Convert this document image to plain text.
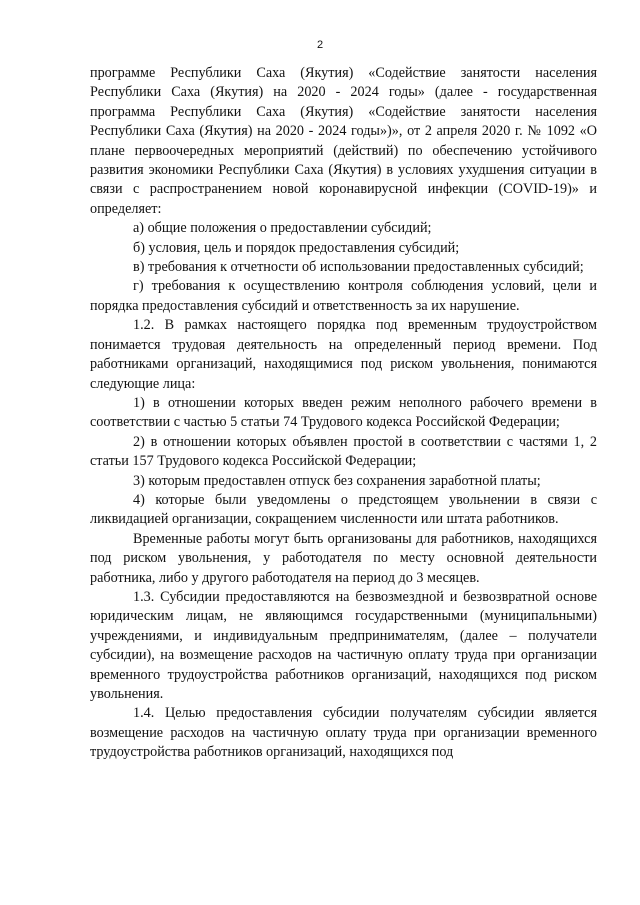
2

программе Республики Саха (Якутия) «Содействие занятости населения Республики Саха (Якутия) на 2020 - 2024 годы» (далее - государственная программа Республики Саха (Якутия) «Содействие занятости населения Республики Саха (Якутия) на 2020 - 2024 годы»)», от 2 апреля 2020 г. № 1092 «О плане первоочередных мероприятий (действий) по обеспечению устойчивого развития экономики Республики Саха (Якутия) в условиях ухудшения ситуации в связи с распространением новой коронавирусной инфекции (COVID-19)» и определяет:

а) общие положения о предоставлении субсидий;

б) условия, цель и порядок предоставления субсидий;

в) требования к отчетности об использовании предоставленных субсидий;

г) требования к осуществлению контроля соблюдения условий, цели и порядка предоставления субсидий и ответственность за их нарушение.

1.2. В рамках настоящего порядка под временным трудоустройством понимается трудовая деятельность на определенный период времени. Под работниками организаций, находящимися под риском увольнения, понимаются следующие лица:

1) в отношении которых введен режим неполного рабочего времени в соответствии с частью 5 статьи 74 Трудового кодекса Российской Федерации;

2) в отношении которых объявлен простой в соответствии с частями 1, 2 статьи 157 Трудового кодекса Российской Федерации;

3) которым предоставлен отпуск без сохранения заработной платы;

4) которые были уведомлены о предстоящем увольнении в связи с ликвидацией организации, сокращением численности или штата работников.

Временные работы могут быть организованы для работников, находящихся под риском увольнения, у работодателя по месту основной деятельности работника, либо у другого работодателя на период до 3 месяцев.

1.3. Субсидии предоставляются на безвозмездной и безвозвратной основе юридическим лицам, не являющимся государственными (муниципальными) учреждениями, и индивидуальным предпринимателям, (далее – получатели субсидии), на возмещение расходов на частичную оплату труда при организации временного трудоустройства работников организаций, находящихся под риском увольнения.

1.4. Целью предоставления субсидии получателям субсидии является возмещение расходов на частичную оплату труда при организации временного трудоустройства работников организаций, находящихся под
